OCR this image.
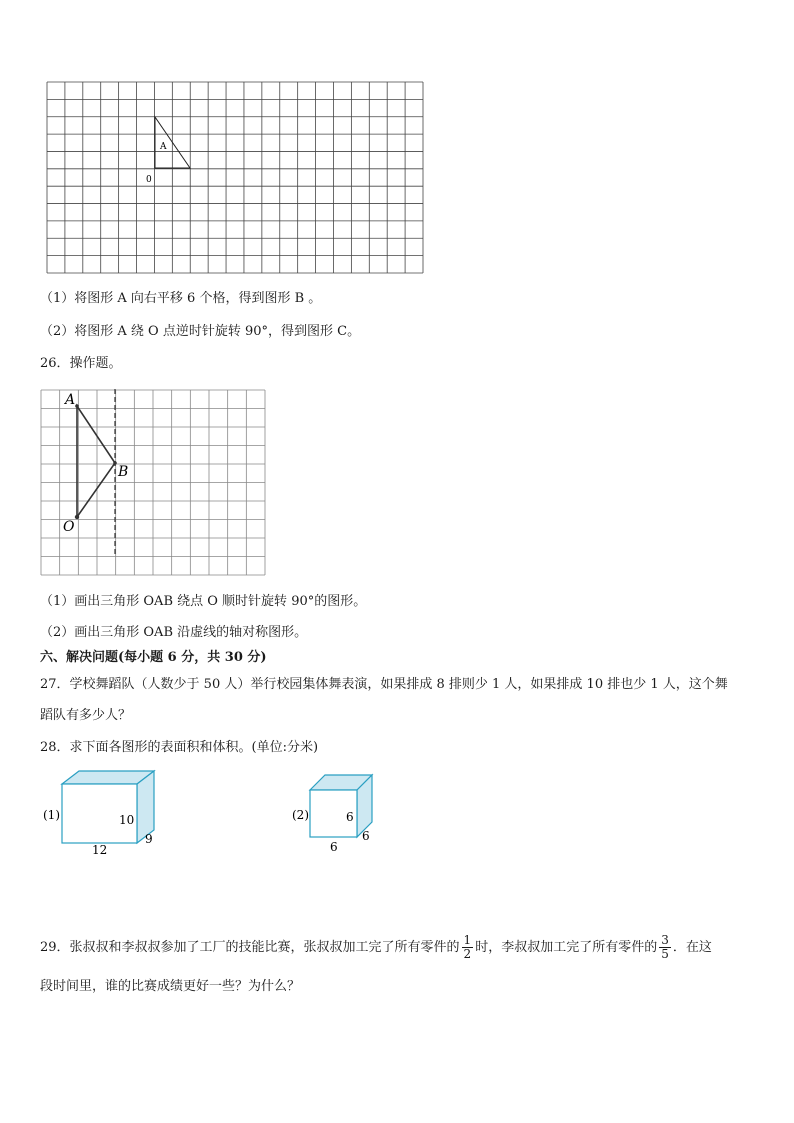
A
0
（1）将图形 A 向右平移 6 个格，得到图形 B 。
（2）将图形 A 绕 O 点逆时针旋转 90°，得到图形 C。
26．操作题。
A
B
O
（1）画出三角形 OAB 绕点 O 顺时针旋转 90°的图形。
（2）画出三角形 OAB 沿虚线的轴对称图形。
六、解决问题(每小题 6 分，共 30 分)
27．学校舞蹈队（人数少于 50 人）举行校园集体舞表演，如果排成 8 排则少 1 人，如果排成 10 排也少 1 人，这个舞
蹈队有多少人？
28．求下面各图形的表面积和体积。(单位:分米)
(1)	10
9
12
(2)	6
6
6
29．张叔叔和李叔叔参加了工厂的技能比赛，张叔叔加工完了所有零件的 $\frac{1}{2}$ 时，李叔叔加工完了所有零件的 $\frac{3}{5}$ ．在这
段时间里，谁的比赛成绩更好一些？为什么？
